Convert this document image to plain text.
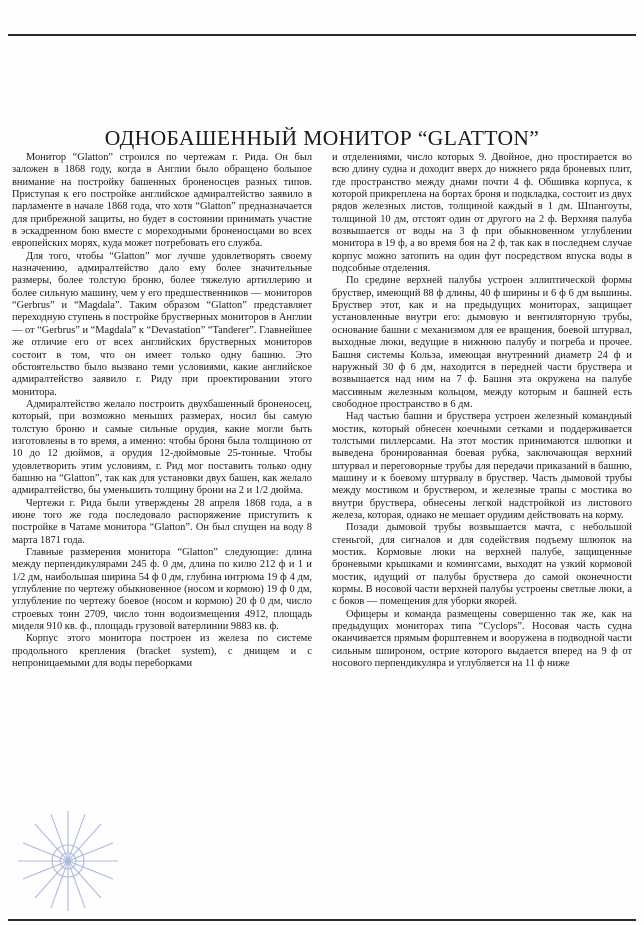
ОДНОБАШЕННЫЙ МОНИТОР “GLATTON”

Монитор “Glatton” строился по чертежам г. Рида. Он был заложен в 1868 году, когда в Англии было обращено большое внимание на постройку башенных броненосцев разных типов. Приступая к его постройке английское адмиралтейство заявило в парламенте в начале 1868 года, что хотя “Glatton” предназначается для прибрежной защиты, но будет в состоянии принимать участие в эскадренном бою вместе с мореходными броненосцами во всех европейских морях, куда может потребовать его служба.

Для того, чтобы “Glatton” мог лучше удовлетворять своему назначению, адмиралтейство дало ему более значительные размеры, более толстую броню, более тяжелую артиллерию и более сильную машину, чем у его предшественников — мониторов “Gerbrus” и “Magdala”. Таким образом “Glatton” представляет переходную ступень в постройке брустверных мониторов в Англии — от “Gerbrus” и “Magdala” к “Devastation” “Tanderer”. Главнейшее же отличие его от всех английских брустверных мониторов состоит в том, что он имеет только одну башню. Это обстоятельство было вызвано теми условиями, какие английское адмиралтейство заявило г. Риду при проектировании этого монитора.

Адмиралтейство желало построить двухбашенный броненосец, который, при возможно меньших размерах, носил бы самую толстую броню и самые сильные орудия, какие могли быть изготовлены в то время, а именно: чтобы броня была толщиною от 10 до 12 дюймов, а орудия 12-дюймовые 25-тонные. Чтобы удовлетворить этим условиям, г. Рид мог поставить только одну башню на “Glatton”, так как для установки двух башен, как желало адмиралтейство, бы уменьшить толщину брони на 2 и 1/2 дюйма.

Чертежи г. Рида были утверждены 28 апреля 1868 года, а в июне того же года последовало распоряжение приступить к постройке в Чатаме монитора “Glatton”. Он был спущен на воду 8 марта 1871 года.

Главные размерения монитора “Glatton” следующие: длина между перпендикулярами 245 ф. 0 дм, длина по килю 212 ф и 1 и 1/2 дм, наибольшая ширина 54 ф 0 дм, глубина интрюма 19 ф 4 дм, углубление по чертежу обыкновенное (носом и кормою) 19 ф 0 дм, углубление по чертежу боевое (носом и кормою) 20 ф 0 дм, число строевых тонн 2709, число тонн водоизмещения 4912, площадь миделя 910 кв. ф., площадь грузовой ватерлинии 9883 кв. ф.

Корпус этого монитора построен из железа по системе продольного крепления (bracket system), с днищем и с непроницаемыми для воды переборками

и отделениями, число которых 9. Двойное, дно простирается во всю длину судна и доходит вверх до нижнего ряда броневых плит, где пространство между днами почти 4 ф. Обшивка корпуса, к которой прикреплена на бортах броня и подкладка, состоит из двух рядов железных листов, толщиной каждый в 1 дм. Шпангоуты, толщиной 10 дм, отстоят один от другого на 2 ф. Верхняя палуба возвышается от воды на 3 ф при обыкновенном углублении монитора в 19 ф, а во время боя на 2 ф, так как в последнем случае корпус можно затопить на один фут посредством впуска воды в подсобные отделения.

По средине верхней палубы устроен эллиптической формы бруствер, имеющий 88 ф длины, 40 ф ширины и 6 ф 6 дм вышины. Бруствер этот, как и на предыдущих мониторах, защищает установленные внутри его: дымовую и вентиляторную трубы, основание башни с механизмом для ее вращения, боевой штурвал, выходные люки, ведущие в нижнюю палубу и погреба и прочее. Башня системы Кольза, имеющая внутренний диаметр 24 ф и наружный 30 ф 6 дм, находится в передней части бруствера и возвышается над ним на 7 ф. Башня эта окружена на палубе массивным железным кольцом, между которым и башней есть свободное пространство в 6 дм.

Над частью башни и бруствера устроен железный командный мостик, который обнесен коечными сетками и поддерживается толстыми пиллерсами. На этот мостик принимаются шлюпки и выведена бронированная боевая рубка, заключающая верхний штурвал и переговорные трубы для передачи приказаний в башню, машину и к боевому штурвалу в бруствер. Часть дымовой трубы между мостиком и бруствером, и железные трапы с мостика во внутри бруствера, обнесены легкой надстройкой из листового железа, которая, однако не мешает орудиям действовать на корму.

Позади дымовой трубы возвышается мачта, с небольшой стеньгой, для сигналов и для содействия подъему шлюпок на мостик. Кормовые люки на верхней палубе, защищенные броневыми крышками и комингсами, выходят на узкий кормовой мостик, идущий от палубы бруствера до самой оконечности кормы. В носовой части верхней палубы устроены светлые люки, а с боков — помещения для уборки якорей.

Офицеры и команда размещены совершенно так же, как на предыдущих мониторах типа “Cyclops”. Носовая часть судна оканчивается прямым форштевнем и вооружена в подводной части сильным шпироном, острие которого выдается вперед на 9 ф от носового перпендикуляра и углубляется на 11 ф ниже
